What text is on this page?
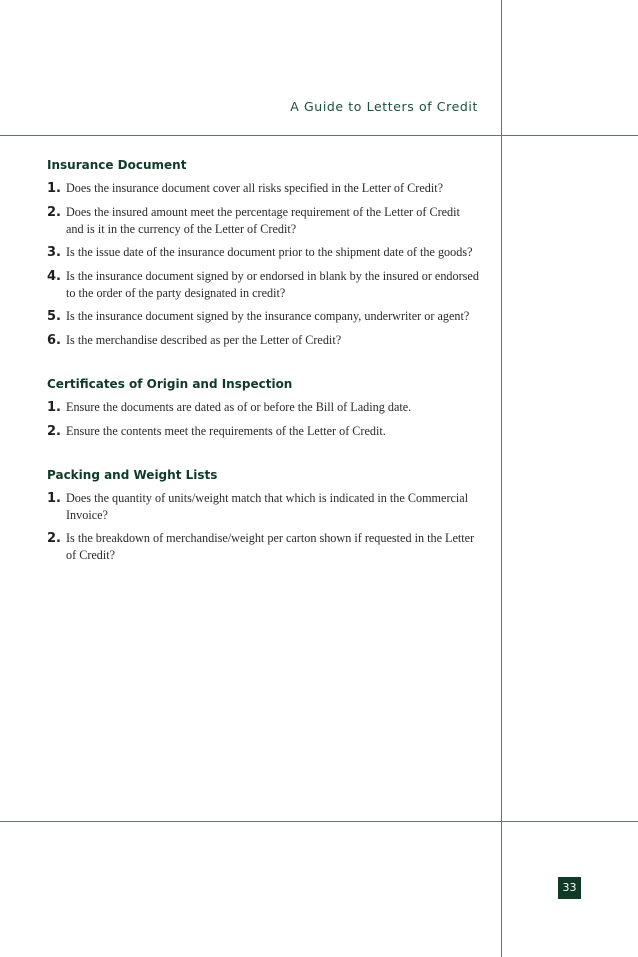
A Guide to Letters of Credit
Insurance Document
1. Does the insurance document cover all risks specified in the Letter of Credit?
2. Does the insured amount meet the percentage requirement of the Letter of Credit and is it in the currency of the Letter of Credit?
3. Is the issue date of the insurance document prior to the shipment date of the goods?
4. Is the insurance document signed by or endorsed in blank by the insured or endorsed to the order of the party designated in credit?
5. Is the insurance document signed by the insurance company, underwriter or agent?
6. Is the merchandise described as per the Letter of Credit?
Certificates of Origin and Inspection
1. Ensure the documents are dated as of or before the Bill of Lading date.
2. Ensure the contents meet the requirements of the Letter of Credit.
Packing and Weight Lists
1. Does the quantity of units/weight match that which is indicated in the Commercial Invoice?
2. Is the breakdown of merchandise/weight per carton shown if requested in the Letter of Credit?
33
